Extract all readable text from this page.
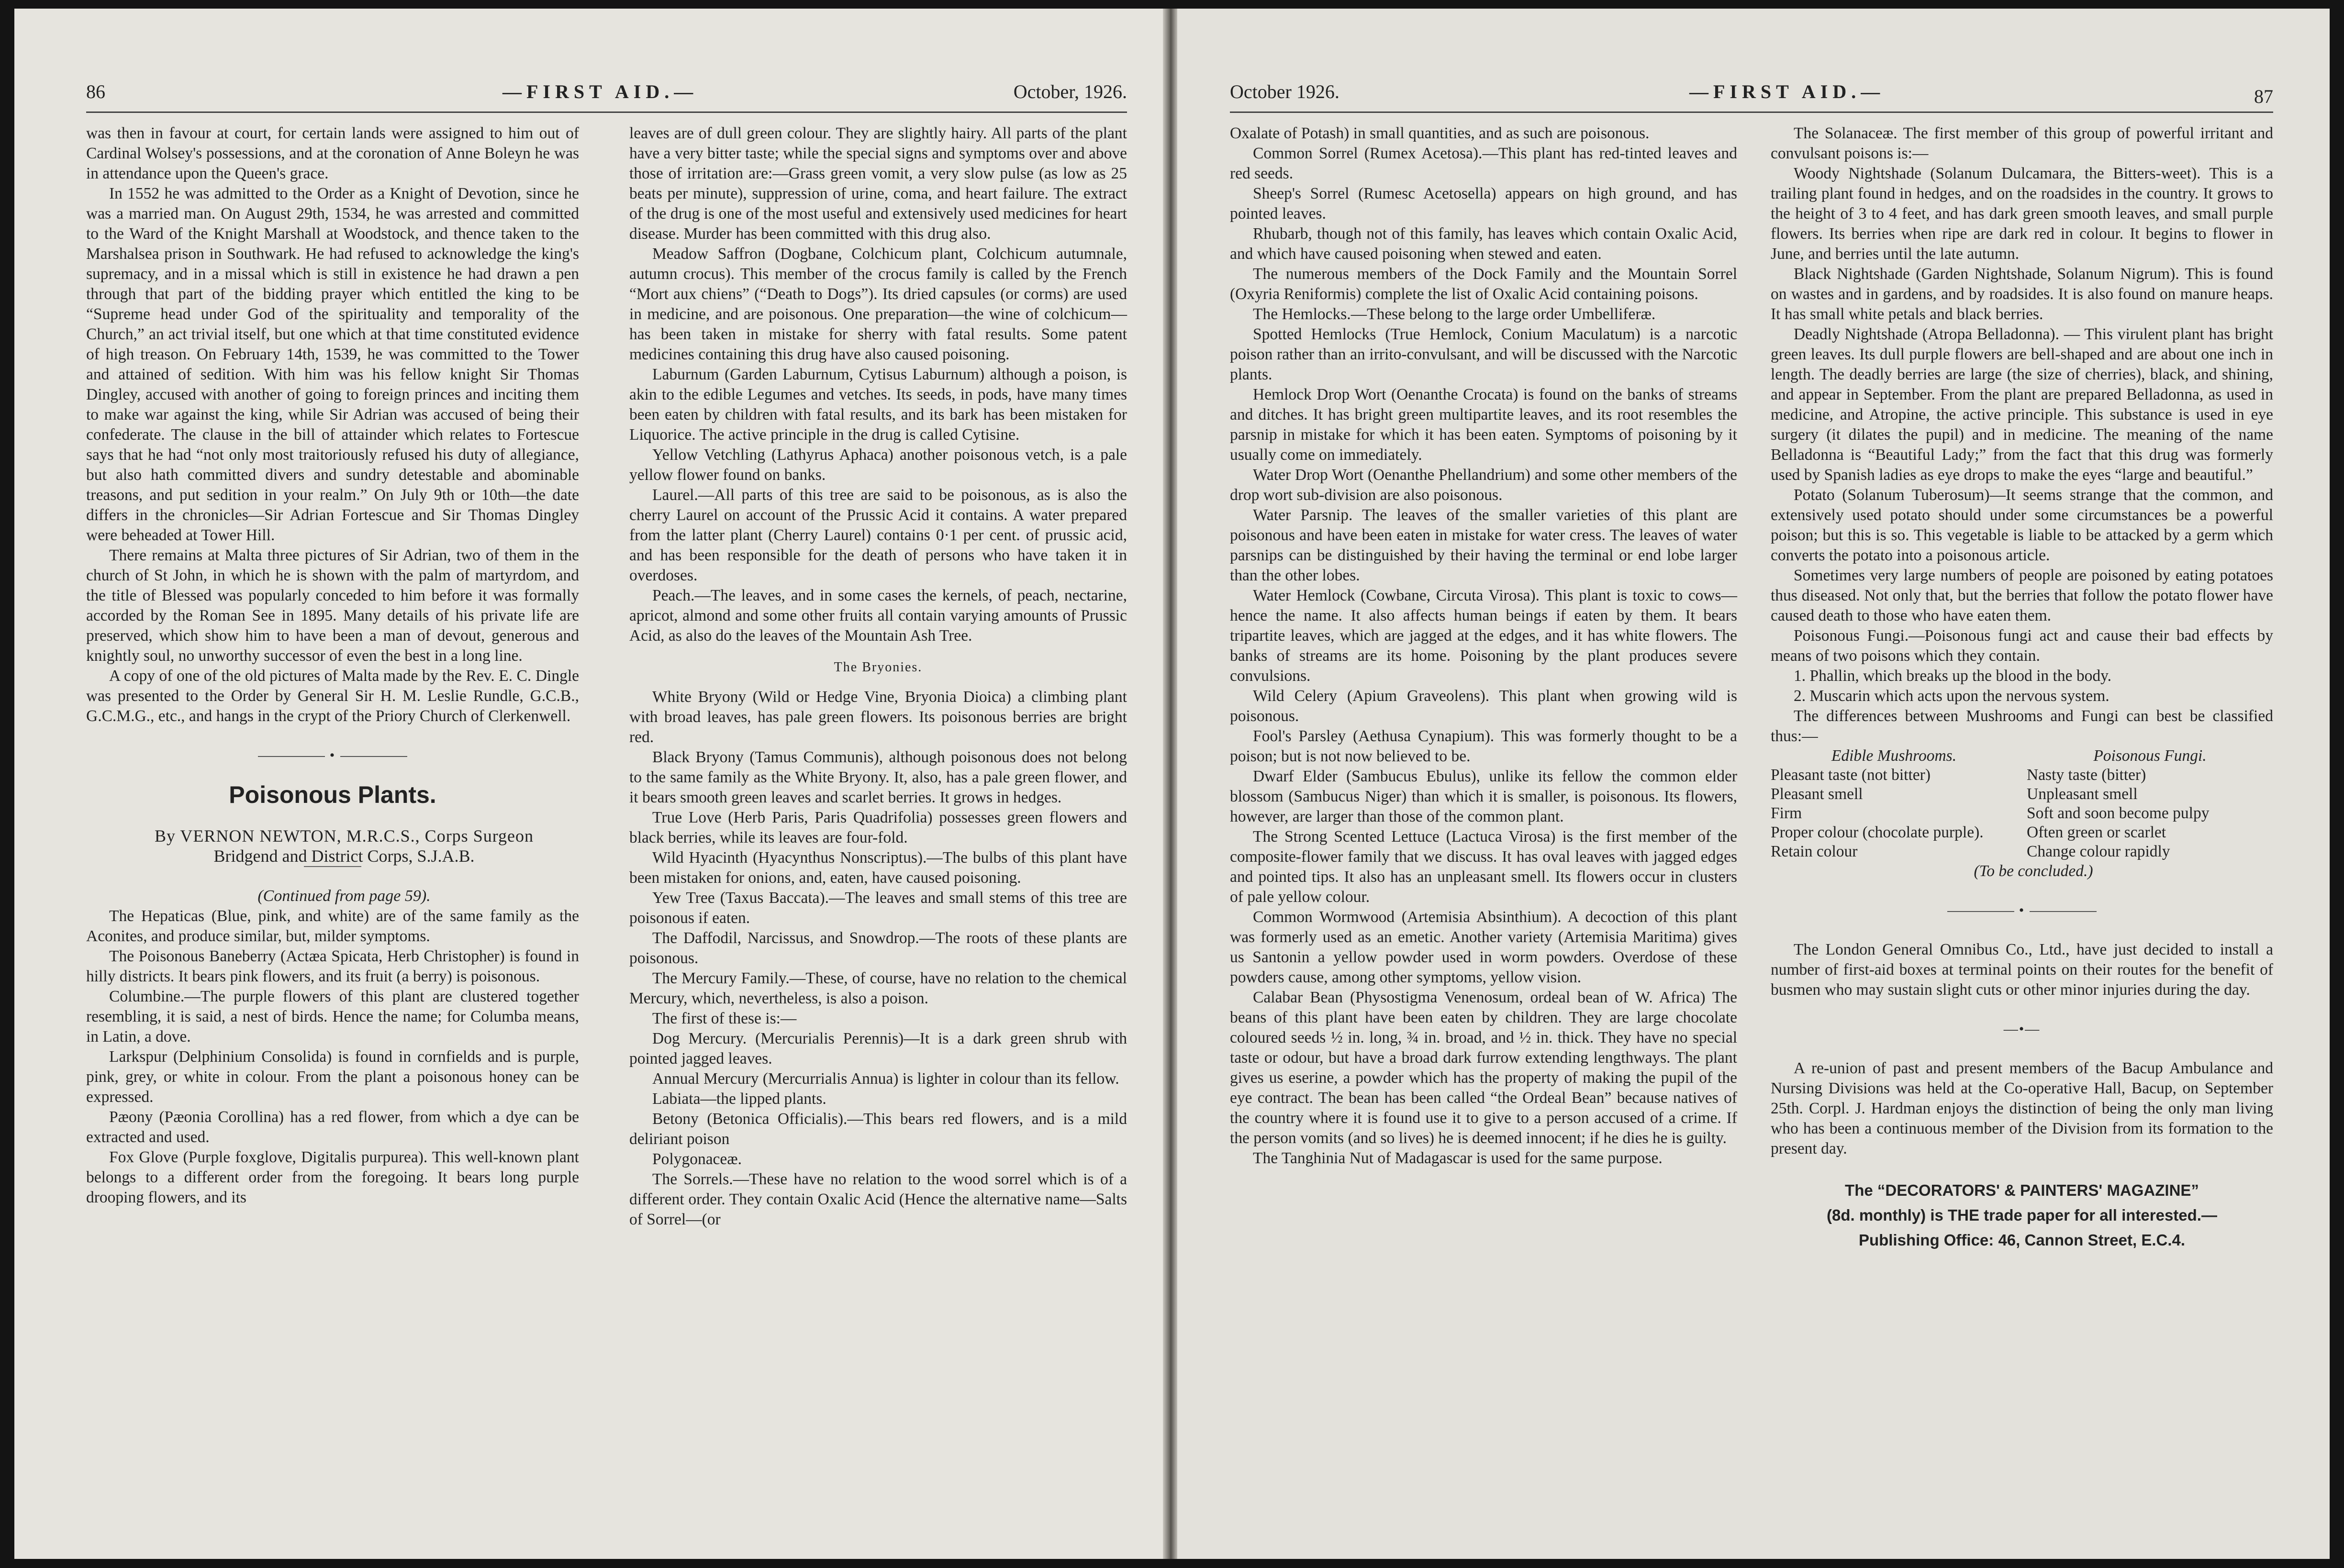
86	—FIRST AID.—	October, 1926.

was then in favour at court, for certain lands were assigned to him out of Cardinal Wolsey's possessions, and at the coronation of Anne Boleyn he was in attendance upon the Queen's grace.

In 1552 he was admitted to the Order as a Knight of Devotion, since he was a married man. On August 29th, 1534, he was arrested and committed to the Ward of the Knight Marshall at Woodstock, and thence taken to the Marshalsea prison in Southwark. He had refused to acknowledge the king's supremacy, and in a missal which is still in existence he had drawn a pen through that part of the bidding prayer which entitled the king to be “Supreme head under God of the spirituality and temporality of the Church,” an act trivial itself, but one which at that time constituted evidence of high treason. On February 14th, 1539, he was committed to the Tower and attained of sedition. With him was his fellow knight Sir Thomas Dingley, accused with another of going to foreign princes and inciting them to make war against the king, while Sir Adrian was accused of being their confederate. The clause in the bill of attainder which relates to Fortescue says that he had “not only most traitoriously refused his duty of allegiance, but also hath committed divers and sundry detestable and abominable treasons, and put sedition in your realm.” On July 9th or 10th—the date differs in the chronicles—Sir Adrian Fortescue and Sir Thomas Dingley were beheaded at Tower Hill.

There remains at Malta three pictures of Sir Adrian, two of them in the church of St John, in which he is shown with the palm of martyrdom, and the title of Blessed was popularly conceded to him before it was formally accorded by the Roman See in 1895. Many details of his private life are preserved, which show him to have been a man of devout, generous and knightly soul, no unworthy successor of even the best in a long line.

A copy of one of the old pictures of Malta made by the Rev. E. C. Dingle was presented to the Order by General Sir H. M. Leslie Rundle, G.C.B., G.C.M.G., etc., and hangs in the crypt of the Priory Church of Clerkenwell.

•
Poisonous Plants.

By VERNON NEWTON, M.R.C.S., Corps Surgeon

Bridgend and District Corps, S.J.A.B.

(Continued from page 59).

The Hepaticas (Blue, pink, and white) are of the same family as the Aconites, and produce similar, but, milder symptoms.

The Poisonous Baneberry (Actæa Spicata, Herb Christopher) is found in hilly districts. It bears pink flowers, and its fruit (a berry) is poisonous.

Columbine.—The purple flowers of this plant are clustered together resembling, it is said, a nest of birds. Hence the name; for Columba means, in Latin, a dove.

Larkspur (Delphinium Consolida) is found in cornfields and is purple, pink, grey, or white in colour. From the plant a poisonous honey can be expressed.

Pæony (Pæonia Corollina) has a red flower, from which a dye can be extracted and used.

Fox Glove (Purple foxglove, Digitalis purpurea). This well-known plant belongs to a different order from the foregoing. It bears long purple drooping flowers, and its

leaves are of dull green colour. They are slightly hairy. All parts of the plant have a very bitter taste; while the special signs and symptoms over and above those of irritation are:—Grass green vomit, a very slow pulse (as low as 25 beats per minute), suppression of urine, coma, and heart failure. The extract of the drug is one of the most useful and extensively used medicines for heart disease. Murder has been committed with this drug also.

Meadow Saffron (Dogbane, Colchicum plant, Colchicum autumnale, autumn crocus). This member of the crocus family is called by the French “Mort aux chiens” (“Death to Dogs”). Its dried capsules (or corms) are used in medicine, and are poisonous. One preparation—the wine of colchicum—has been taken in mistake for sherry with fatal results. Some patent medicines containing this drug have also caused poisoning.

Laburnum (Garden Laburnum, Cytisus Laburnum) although a poison, is akin to the edible Legumes and vetches. Its seeds, in pods, have many times been eaten by children with fatal results, and its bark has been mistaken for Liquorice. The active principle in the drug is called Cytisine.

Yellow Vetchling (Lathyrus Aphaca) another poisonous vetch, is a pale yellow flower found on banks.

Laurel.—All parts of this tree are said to be poisonous, as is also the cherry Laurel on account of the Prussic Acid it contains. A water prepared from the latter plant (Cherry Laurel) contains 0·1 per cent. of prussic acid, and has been responsible for the death of persons who have taken it in overdoses.

Peach.—The leaves, and in some cases the kernels, of peach, nectarine, apricot, almond and some other fruits all contain varying amounts of Prussic Acid, as also do the leaves of the Mountain Ash Tree.

The Bryonies.

White Bryony (Wild or Hedge Vine, Bryonia Dioica) a climbing plant with broad leaves, has pale green flowers. Its poisonous berries are bright red.

Black Bryony (Tamus Communis), although poisonous does not belong to the same family as the White Bryony. It, also, has a pale green flower, and it bears smooth green leaves and scarlet berries. It grows in hedges.

True Love (Herb Paris, Paris Quadrifolia) possesses green flowers and black berries, while its leaves are four-fold.

Wild Hyacinth (Hyacynthus Nonscriptus).—The bulbs of this plant have been mistaken for onions, and, eaten, have caused poisoning.

Yew Tree (Taxus Baccata).—The leaves and small stems of this tree are poisonous if eaten.

The Daffodil, Narcissus, and Snowdrop.—The roots of these plants are poisonous.

The Mercury Family.—These, of course, have no relation to the chemical Mercury, which, nevertheless, is also a poison.

The first of these is:—

Dog Mercury. (Mercurialis Perennis)—It is a dark green shrub with pointed jagged leaves.

Annual Mercury (Mercurrialis Annua) is lighter in colour than its fellow.

Labiata—the lipped plants.

Betony (Betonica Officialis).—This bears red flowers, and is a mild deliriant poison

Polygonaceæ.

The Sorrels.—These have no relation to the wood sorrel which is of a different order. They contain Oxalic Acid (Hence the alternative name—Salts of Sorrel—(or

October 1926.	—FIRST AID.—	87

Oxalate of Potash) in small quantities, and as such are poisonous.

Common Sorrel (Rumex Acetosa).—This plant has red-tinted leaves and red seeds.

Sheep's Sorrel (Rumesc Acetosella) appears on high ground, and has pointed leaves.

Rhubarb, though not of this family, has leaves which contain Oxalic Acid, and which have caused poisoning when stewed and eaten.

The numerous members of the Dock Family and the Mountain Sorrel (Oxyria Reniformis) complete the list of Oxalic Acid containing poisons.

The Hemlocks.—These belong to the large order Umbelliferæ.

Spotted Hemlocks (True Hemlock, Conium Maculatum) is a narcotic poison rather than an irrito-convulsant, and will be discussed with the Narcotic plants.

Hemlock Drop Wort (Oenanthe Crocata) is found on the banks of streams and ditches. It has bright green multipartite leaves, and its root resembles the parsnip in mistake for which it has been eaten. Symptoms of poisoning by it usually come on immediately.

Water Drop Wort (Oenanthe Phellandrium) and some other members of the drop wort sub-division are also poisonous.

Water Parsnip. The leaves of the smaller varieties of this plant are poisonous and have been eaten in mistake for water cress. The leaves of water parsnips can be distinguished by their having the terminal or end lobe larger than the other lobes.

Water Hemlock (Cowbane, Circuta Virosa). This plant is toxic to cows—hence the name. It also affects human beings if eaten by them. It bears tripartite leaves, which are jagged at the edges, and it has white flowers. The banks of streams are its home. Poisoning by the plant produces severe convulsions.

Wild Celery (Apium Graveolens). This plant when growing wild is poisonous.

Fool's Parsley (Aethusa Cynapium). This was formerly thought to be a poison; but is not now believed to be.

Dwarf Elder (Sambucus Ebulus), unlike its fellow the common elder blossom (Sambucus Niger) than which it is smaller, is poisonous. Its flowers, however, are larger than those of the common plant.

The Strong Scented Lettuce (Lactuca Virosa) is the first member of the composite-flower family that we discuss. It has oval leaves with jagged edges and pointed tips. It also has an unpleasant smell. Its flowers occur in clusters of pale yellow colour.

Common Wormwood (Artemisia Absinthium). A decoction of this plant was formerly used as an emetic. Another variety (Artemisia Maritima) gives us Santonin a yellow powder used in worm powders. Overdose of these powders cause, among other symptoms, yellow vision.

Calabar Bean (Physostigma Venenosum, ordeal bean of W. Africa) The beans of this plant have been eaten by children. They are large chocolate coloured seeds ½ in. long, ¾ in. broad, and ½ in. thick. They have no special taste or odour, but have a broad dark furrow extending lengthways. The plant gives us eserine, a powder which has the property of making the pupil of the eye contract. The bean has been called “the Ordeal Bean” because natives of the country where it is found use it to give to a person accused of a crime. If the person vomits (and so lives) he is deemed innocent; if he dies he is guilty.

The Tanghinia Nut of Madagascar is used for the same purpose.

The Solanaceæ. The first member of this group of powerful irritant and convulsant poisons is:—

Woody Nightshade (Solanum Dulcamara, the Bitters-weet). This is a trailing plant found in hedges, and on the roadsides in the country. It grows to the height of 3 to 4 feet, and has dark green smooth leaves, and small purple flowers. Its berries when ripe are dark red in colour. It begins to flower in June, and berries until the late autumn.

Black Nightshade (Garden Nightshade, Solanum Nigrum). This is found on wastes and in gardens, and by roadsides. It is also found on manure heaps. It has small white petals and black berries.

Deadly Nightshade (Atropa Belladonna). — This virulent plant has bright green leaves. Its dull purple flowers are bell-shaped and are about one inch in length. The deadly berries are large (the size of cherries), black, and shining, and appear in September. From the plant are prepared Belladonna, as used in medicine, and Atropine, the active principle. This substance is used in eye surgery (it dilates the pupil) and in medicine. The meaning of the name Belladonna is “Beautiful Lady;” from the fact that this drug was formerly used by Spanish ladies as eye drops to make the eyes “large and beautiful.”

Potato (Solanum Tuberosum)—It seems strange that the common, and extensively used potato should under some circumstances be a powerful poison; but this is so. This vegetable is liable to be attacked by a germ which converts the potato into a poisonous article.

Sometimes very large numbers of people are poisoned by eating potatoes thus diseased. Not only that, but the berries that follow the potato flower have caused death to those who have eaten them.

Poisonous Fungi.—Poisonous fungi act and cause their bad effects by means of two poisons which they contain.

1. Phallin, which breaks up the blood in the body.

2. Muscarin which acts upon the nervous system.

The differences between Mushrooms and Fungi can best be classified thus:—

Edible Mushrooms.	Poisonous Fungi.
Pleasant taste (not bitter)	Nasty taste (bitter)
Pleasant smell	Unpleasant smell
Firm	Soft and soon become pulpy
Proper colour (chocolate purple).	Often green or scarlet
Retain colour	Change colour rapidly

(To be concluded.)

•

The London General Omnibus Co., Ltd., have just decided to install a number of first-aid boxes at terminal points on their routes for the benefit of busmen who may sustain slight cuts or other minor injuries during the day.

—•—

A re-union of past and present members of the Bacup Ambulance and Nursing Divisions was held at the Co-operative Hall, Bacup, on September 25th. Corpl. J. Hardman enjoys the distinction of being the only man living who has been a continuous member of the Division from its formation to the present day.

The “DECORATORS' & PAINTERS' MAGAZINE”
(8d. monthly) is THE trade paper for all interested.—
Publishing Office: 46, Cannon Street, E.C.4.
